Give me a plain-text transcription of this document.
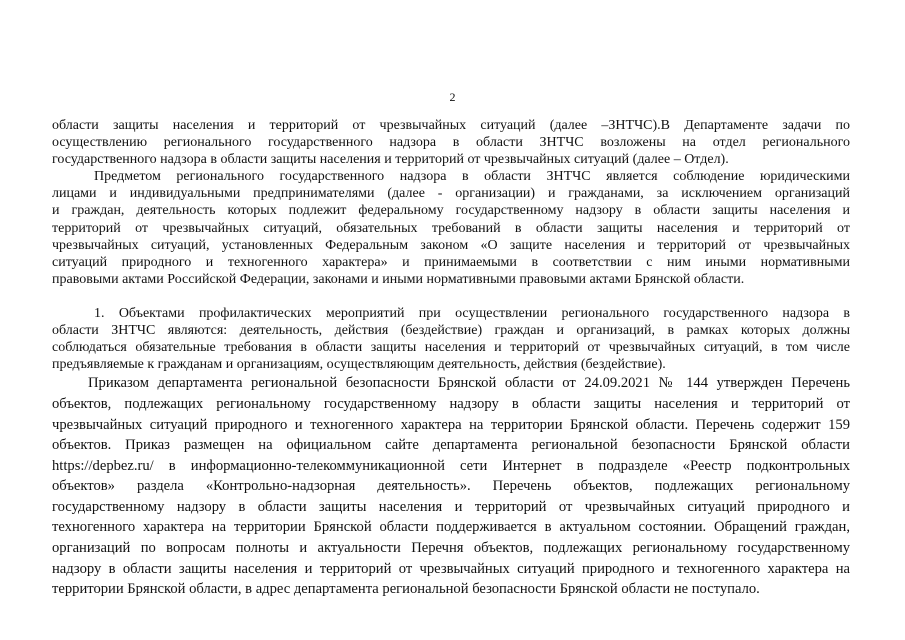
2
области защиты населения и территорий от чрезвычайных ситуаций (далее –ЗНТЧС).В Департаменте задачи по
осуществлению регионального государственного надзора в области ЗНТЧС возложены на отдел регионального
государственного надзора в области защиты населения и территорий от чрезвычайных ситуаций (далее – Отдел).
Предметом регионального государственного надзора в области ЗНТЧС является соблюдение юридическими
лицами и индивидуальными предпринимателями (далее - организации) и гражданами, за исключением организаций
и граждан, деятельность которых подлежит федеральному государственному надзору в области защиты населения и
территорий от чрезвычайных ситуаций, обязательных требований в области защиты населения и территорий от
чрезвычайных ситуаций, установленных Федеральным законом «О защите населения и территорий от чрезвычайных
ситуаций природного и техногенного характера» и принимаемыми в соответствии с ним иными нормативными
правовыми актами Российской Федерации, законами и иными нормативными правовыми актами Брянской области.
1. Объектами профилактических мероприятий при осуществлении регионального государственного надзора в
области ЗНТЧС являются: деятельность, действия (бездействие) граждан и организаций, в рамках которых должны
соблюдаться обязательные требования в области защиты населения и территорий от чрезвычайных ситуаций, в том числе
предъявляемые к гражданам и организациям, осуществляющим деятельность, действия (бездействие).
Приказом департамента региональной безопасности Брянской области от 24.09.2021 № 144 утвержден Перечень
объектов, подлежащих региональному государственному надзору в области защиты населения и территорий от
чрезвычайных ситуаций природного и техногенного характера на территории Брянской области. Перечень содержит 159
объектов. Приказ размещен на официальном сайте департамента региональной безопасности Брянской области
https://depbez.ru/ в информационно-телекоммуникационной сети Интернет в подразделе «Реестр подконтрольных
объектов» раздела «Контрольно-надзорная деятельность». Перечень объектов, подлежащих региональному
государственному надзору в области защиты населения и территорий от чрезвычайных ситуаций природного и
техногенного характера на территории Брянской области поддерживается в актуальном состоянии. Обращений граждан,
организаций по вопросам полноты и актуальности Перечня объектов, подлежащих региональному государственному
надзору в области защиты населения и территорий от чрезвычайных ситуаций природного и техногенного характера на
территории Брянской области, в адрес департамента региональной безопасности Брянской области не поступало.
